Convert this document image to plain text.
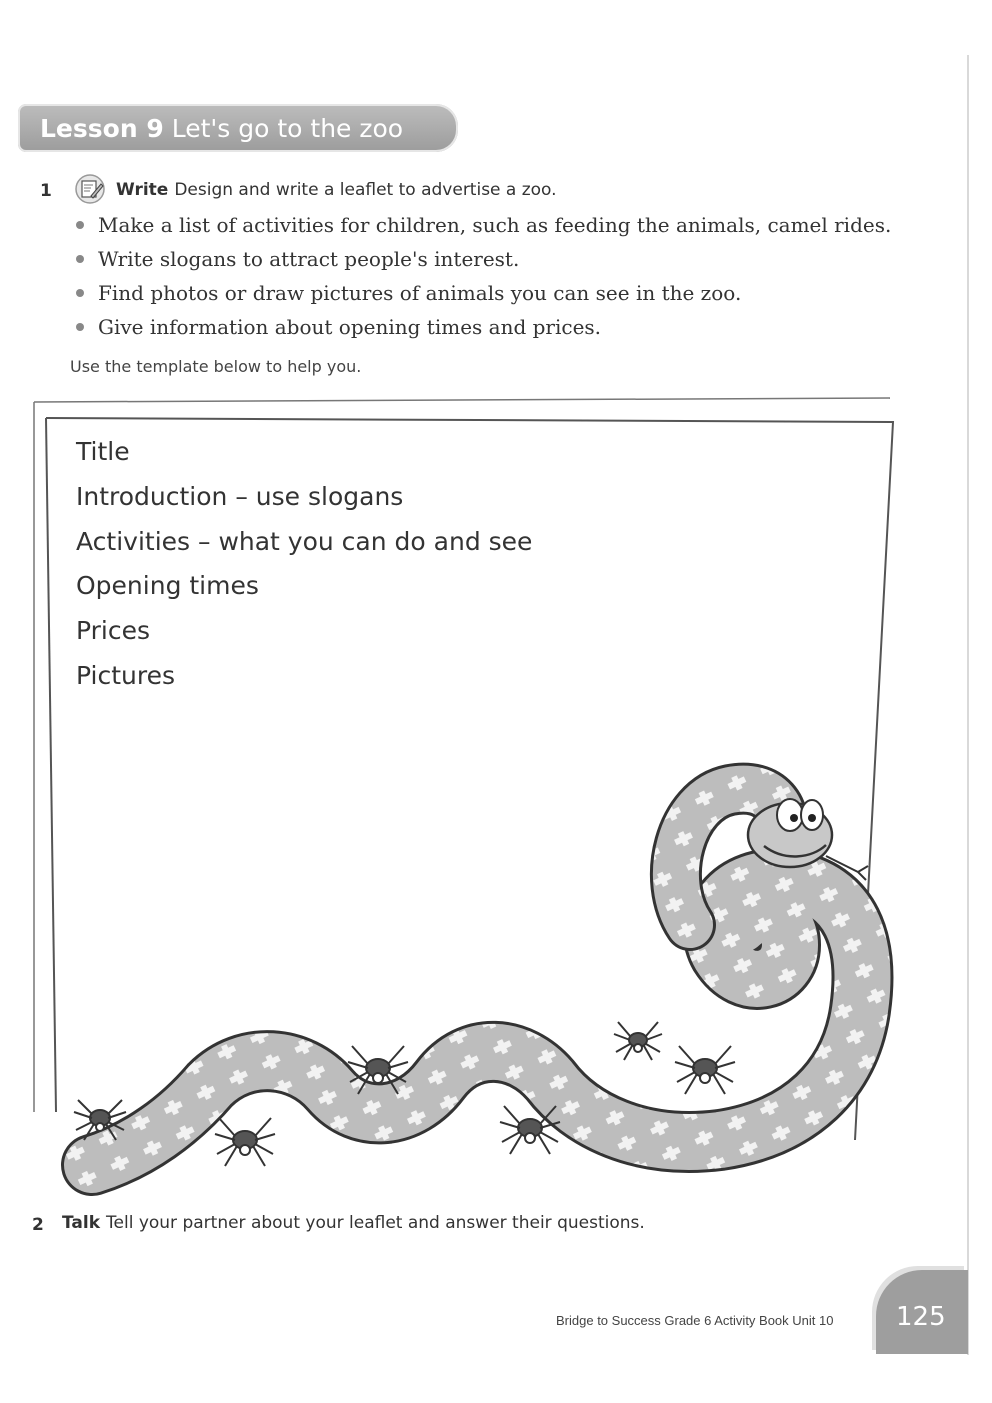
Lesson 9 Let's go to the zoo
1	Write Design and write a leaflet to advertise a zoo.
Make a list of activities for children, such as feeding the animals, camel rides.
Write slogans to attract people's interest.
Find photos or draw pictures of animals you can see in the zoo.
Give information about opening times and prices.
Use the template below to help you.
Title
Introduction – use slogans
Activities – what you can do and see
Opening times
Prices
Pictures
2 Talk Tell your partner about your leaflet and answer their questions.
Bridge to Success Grade 6 Activity Book Unit 10 125
